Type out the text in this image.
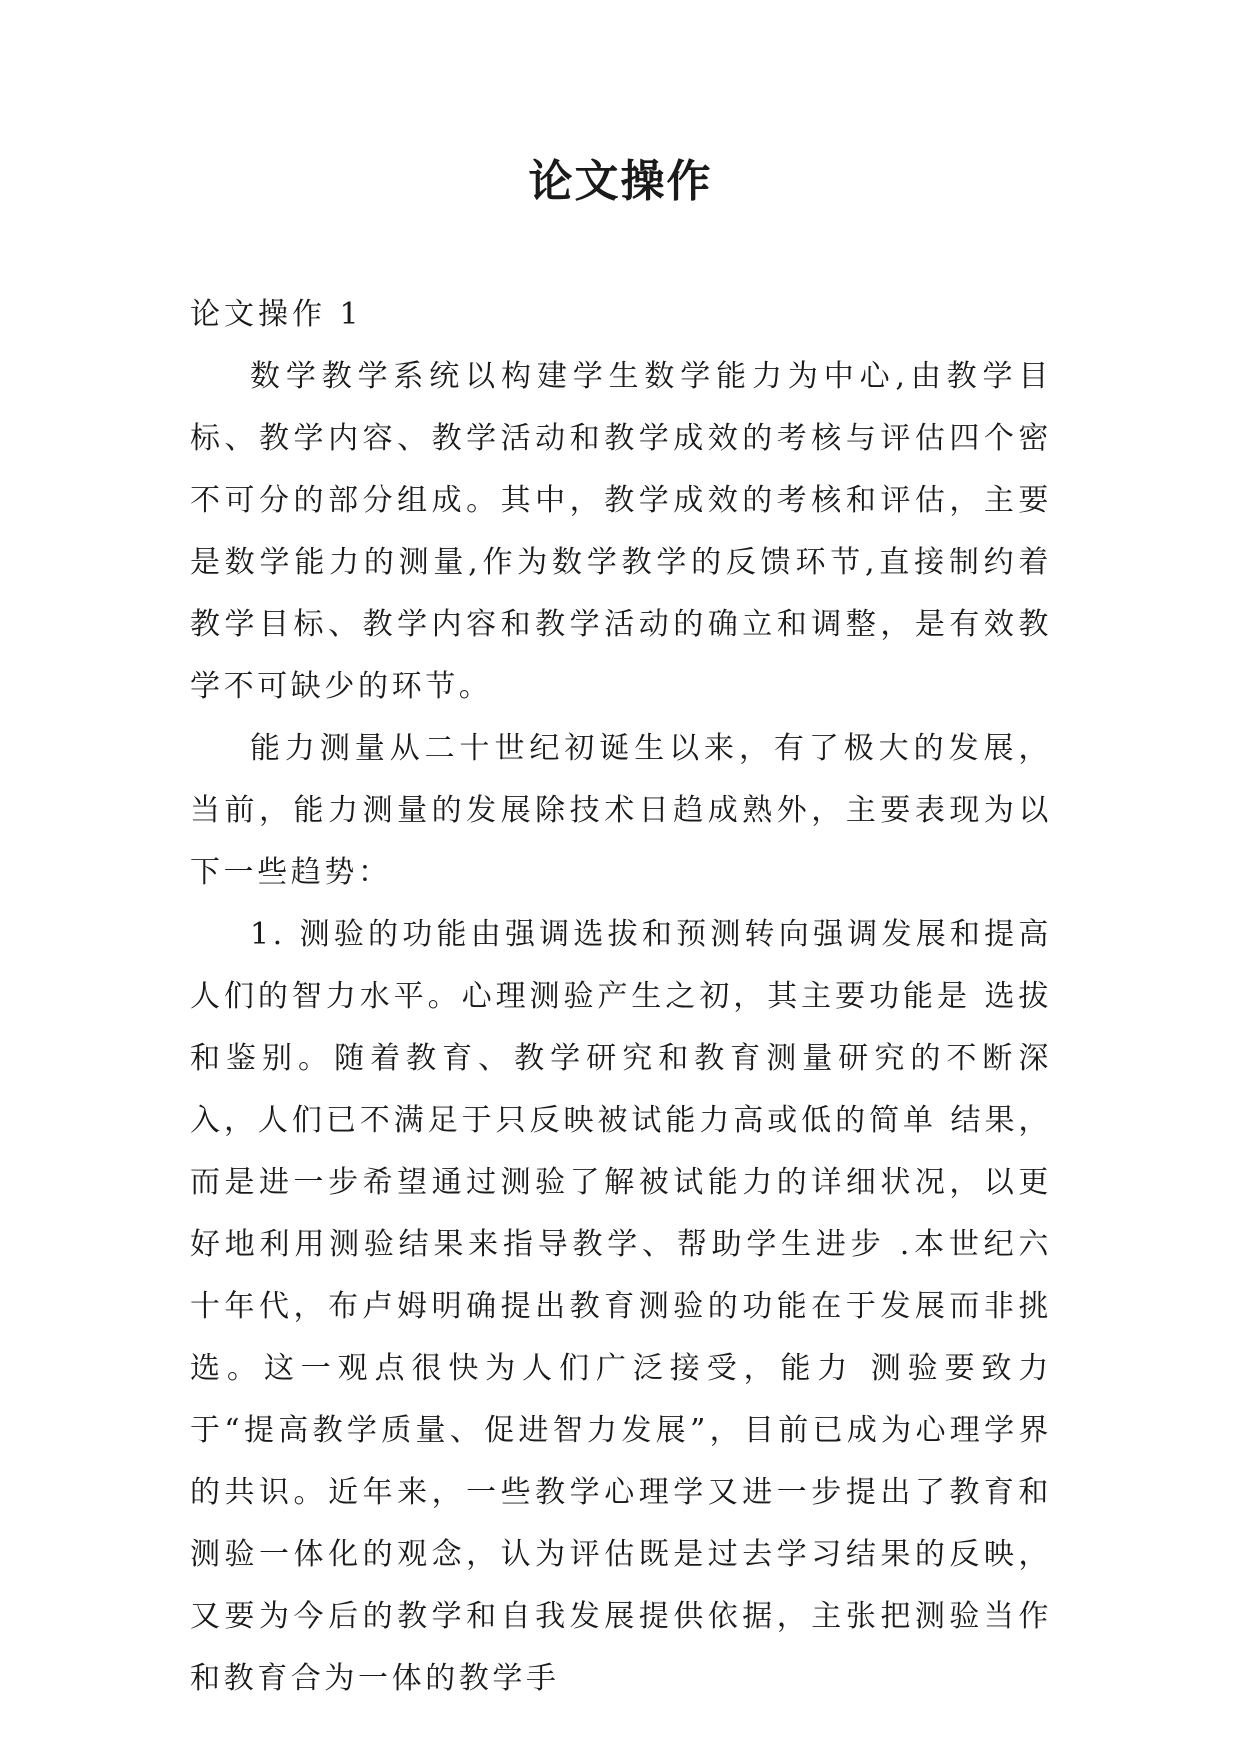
论文操作
论文操作 1

数学教学系统以构建学生数学能力为中心,由教学目标、教学内容、教学活动和教学成效的考核与评估四个密不可分的部分组成。其中，教学成效的考核和评估，主要是数学能力的测量,作为数学教学的反馈环节,直接制约着教学目标、教学内容和教学活动的确立和调整，是有效教学不可缺少的环节。

能力测量从二十世纪初诞生以来，有了极大的发展，当前，能力测量的发展除技术日趋成熟外，主要表现为以下一些趋势：

1. 测验的功能由强调选拔和预测转向强调发展和提高人们的智力水平。心理测验产生之初，其主要功能是 选拔和鉴别。随着教育、教学研究和教育测量研究的不断深入，人们已不满足于只反映被试能力高或低的简单 结果，而是进一步希望通过测验了解被试能力的详细状况，以更好地利用测验结果来指导教学、帮助学生进步 .本世纪六十年代，布卢姆明确提出教育测验的功能在于发展而非挑选。这一观点很快为人们广泛接受，能力 测验要致力于“提高教学质量、促进智力发展”，目前已成为心理学界的共识。近年来，一些教学心理学又进一步提出了教育和测验一体化的观念，认为评估既是过去学习结果的反映，又要为今后的教学和自我发展提供依据，主张把测验当作和教育合为一体的教学手
